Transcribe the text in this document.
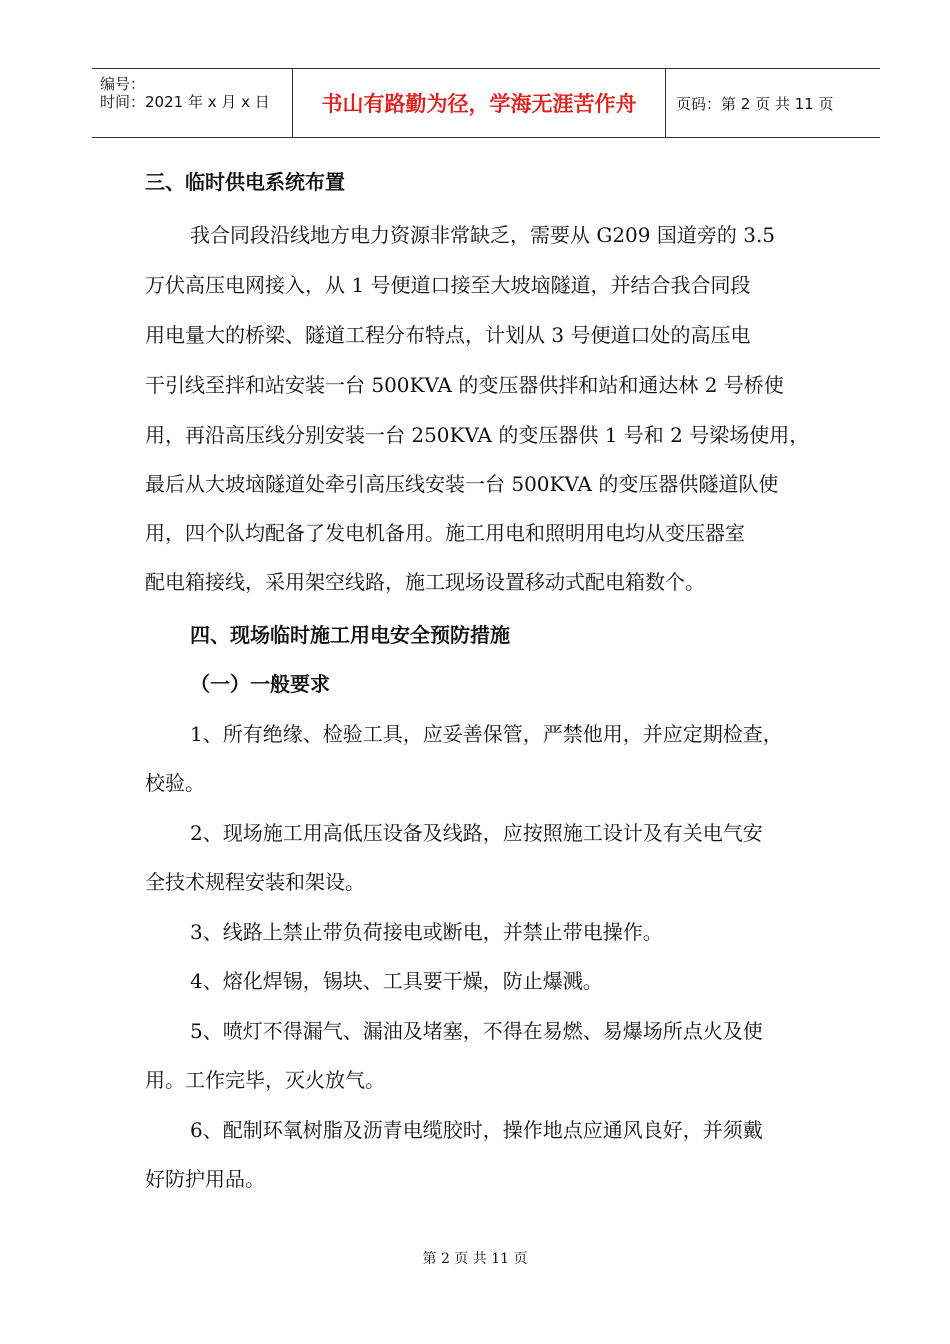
编号：
时间：2021 年 x 月 x 日	书山有路勤为径，学海无涯苦作舟	页码：第 2 页 共 11 页
三、临时供电系统布置
我合同段沿线地方电力资源非常缺乏，需要从 G209 国道旁的 3.5
万伏高压电网接入，从 1 号便道口接至大坡垴隧道，并结合我合同段
用电量大的桥梁、隧道工程分布特点，计划从 3 号便道口处的高压电
干引线至拌和站安装一台 500KVA 的变压器供拌和站和通达林 2 号桥使
用，再沿高压线分别安装一台 250KVA 的变压器供 1 号和 2 号梁场使用，
最后从大坡垴隧道处牵引高压线安装一台 500KVA 的变压器供隧道队使
用，四个队均配备了发电机备用。施工用电和照明用电均从变压器室
配电箱接线，采用架空线路，施工现场设置移动式配电箱数个。
四、现场临时施工用电安全预防措施
（一）一般要求
1、所有绝缘、检验工具，应妥善保管，严禁他用，并应定期检查，
校验。
2、现场施工用高低压设备及线路，应按照施工设计及有关电气安
全技术规程安装和架设。
3、线路上禁止带负荷接电或断电，并禁止带电操作。
4、熔化焊锡，锡块、工具要干燥，防止爆溅。
5、喷灯不得漏气、漏油及堵塞，不得在易燃、易爆场所点火及使
用。工作完毕，灭火放气。
6、配制环氧树脂及沥青电缆胶时，操作地点应通风良好，并须戴
好防护用品。
第 2 页 共 11 页
